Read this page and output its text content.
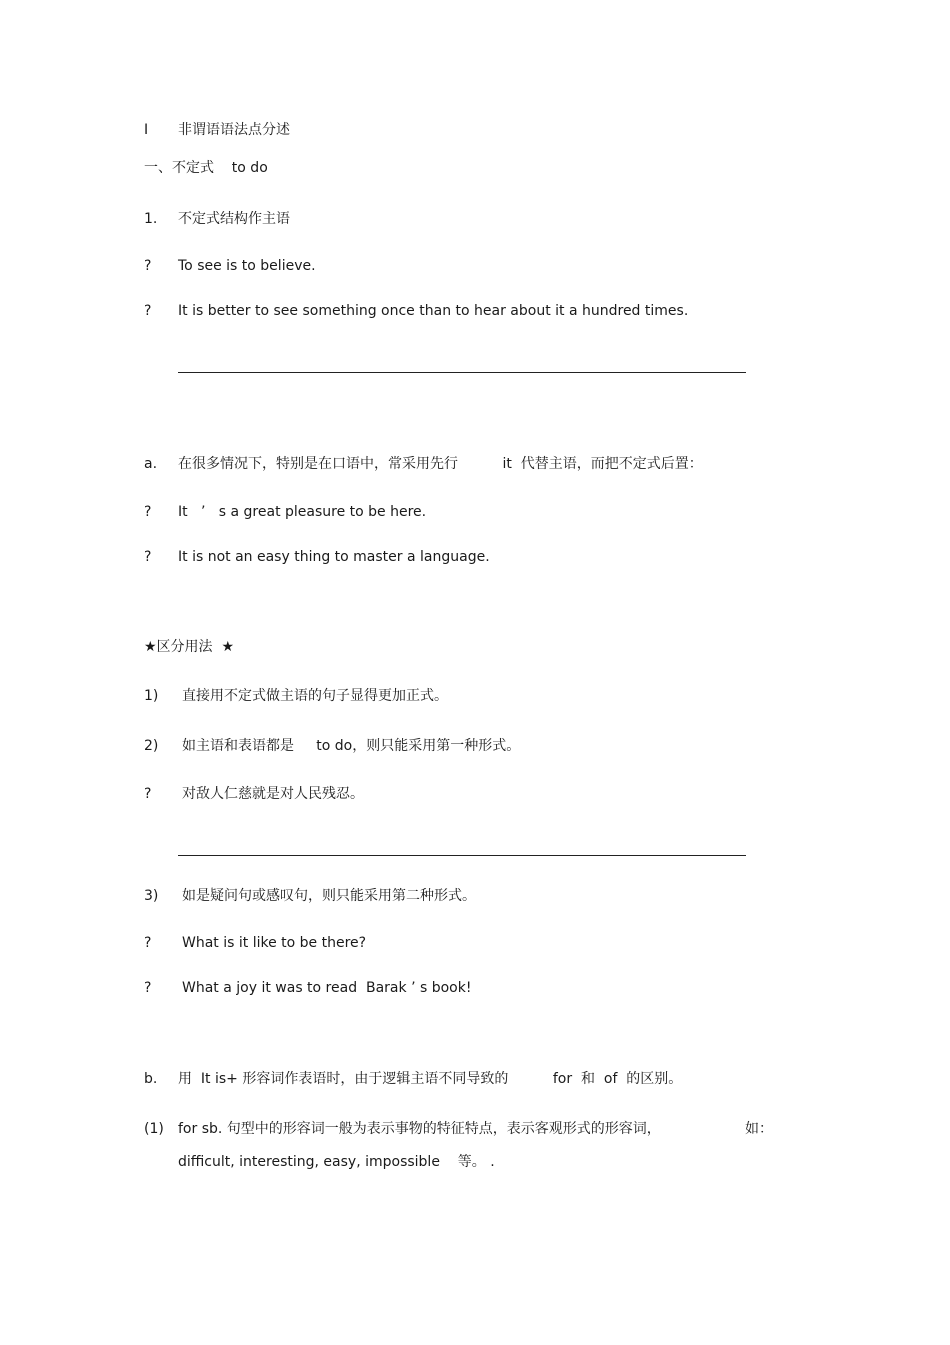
I 非谓语语法点分述
一、不定式    to do
1. 不定式结构作主语
? To see is to believe.
? It is better to see something once than to hear about it a hundred times.
a. 在很多情况下，特别是在口语中，常采用先行          it  代替主语，而把不定式后置：
? It   ’   s a great pleasure to be here.
? It is not an easy thing to master a language.
★区分用法  ★
1) 直接用不定式做主语的句子显得更加正式。
2) 如主语和表语都是     to do，则只能采用第一种形式。
? 对敌人仁慈就是对人民残忍。
3) 如是疑问句或感叹句，则只能采用第二种形式。
? What is it like to be there?
? What a joy it was to read  Barak ’ s book!
b. 用  It is+ 形容词作表语时，由于逻辑主语不同导致的          for  和  of  的区别。
(1) for sb. 句型中的形容词一般为表示事物的特征特点，表示客观形式的形容词，	如：
difficult, interesting, easy, impossible    等。 .
